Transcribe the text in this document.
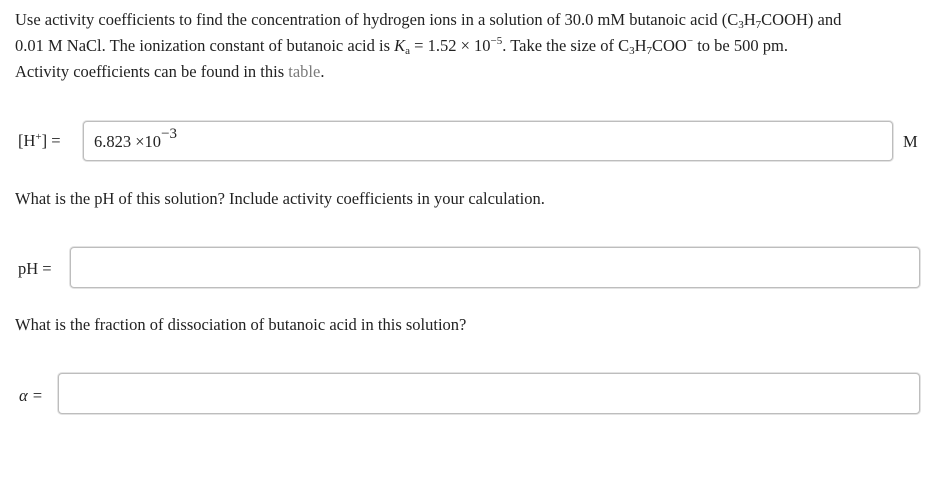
Use activity coefficients to find the concentration of hydrogen ions in a solution of 30.0 mM butanoic acid $(C_3H_7COOH)$ and
0.01 M NaCl. The ionization constant of butanoic acid is $K_a = 1.52 \times 10^{-5}$. Take the size of $C_3H_7COO^-$ to be 500 pm.
Activity coefficients can be found in this table.
[H+] = 6.823 ×10−3	M
What is the pH of this solution? Include activity coefficients in your calculation.
pH =
What is the fraction of dissociation of butanoic acid in this solution?
α =
